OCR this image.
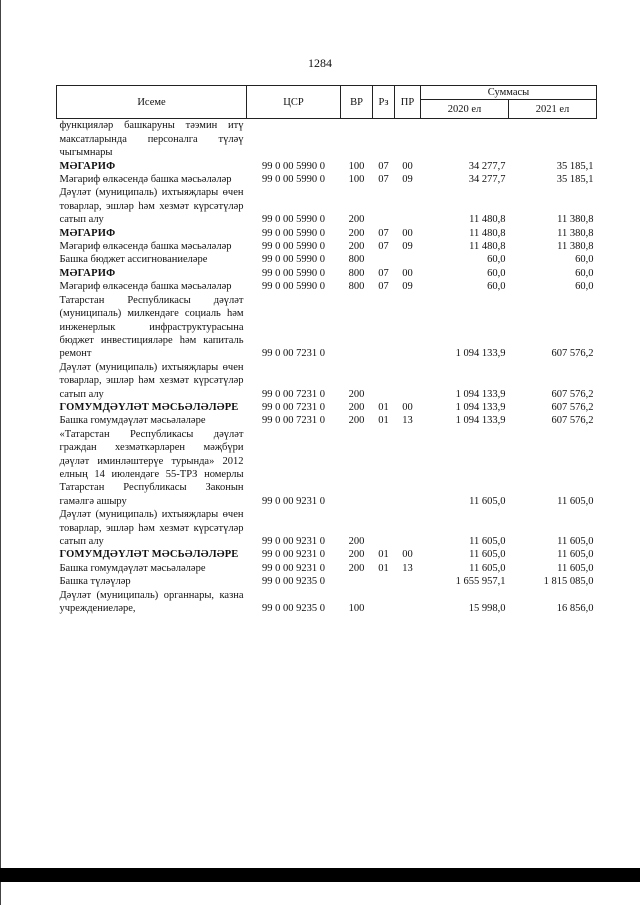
1284
Исеме	ЦСР	ВР	Рз	ПР	Суммасы	
					2020 ел	2021 ел
функцияләр башкаруны тәэмин итү максатларында персоналга түләү чыгымнары						
МӘГАРИФ	99 0 00 5990 0	100	07	00	34 277,7	35 185,1
Мәгариф өлкәсендә башка мәсьәләләр	99 0 00 5990 0	100	07	09	34 277,7	35 185,1
Дәүләт (муниципаль) ихтыяҗлары өчен товарлар, эшләр һәм хезмәт күрсәтүләр сатып алу	99 0 00 5990 0	200			11 480,8	11 380,8
МӘГАРИФ	99 0 00 5990 0	200	07	00	11 480,8	11 380,8
Мәгариф өлкәсендә башка мәсьәләләр	99 0 00 5990 0	200	07	09	11 480,8	11 380,8
Башка бюджет ассигнованиеләре	99 0 00 5990 0	800			60,0	60,0
МӘГАРИФ	99 0 00 5990 0	800	07	00	60,0	60,0
Мәгариф өлкәсендә башка мәсьәләләр	99 0 00 5990 0	800	07	09	60,0	60,0
Татарстан Республикасы дәүләт (муниципаль) милкендәге социаль һәм инженерлык инфраструктурасына бюджет инвестицияләре һәм капиталь ремонт	99 0 00 7231 0				1 094 133,9	607 576,2
Дәүләт (муниципаль) ихтыяҗлары өчен товарлар, эшләр һәм хезмәт күрсәтүләр сатып алу	99 0 00 7231 0	200			1 094 133,9	607 576,2
ГОМУМДӘҮЛӘТ МӘСЬӘЛӘЛӘРЕ	99 0 00 7231 0	200	01	00	1 094 133,9	607 576,2
Башка гомумдәүләт мәсьәләләре	99 0 00 7231 0	200	01	13	1 094 133,9	607 576,2
«Татарстан Республикасы дәүләт граждан хезмәткәрләрен мәҗбүри дәүләт иминләштерүе турында» 2012 елның 14 июлендәге 55-ТРЗ номерлы Татарстан Республикасы Законын гамәлгә ашыру	99 0 00 9231 0				11 605,0	11 605,0
Дәүләт (муниципаль) ихтыяҗлары өчен товарлар, эшләр һәм хезмәт күрсәтүләр сатып алу	99 0 00 9231 0	200			11 605,0	11 605,0
ГОМУМДӘҮЛӘТ МӘСЬӘЛӘЛӘРЕ	99 0 00 9231 0	200	01	00	11 605,0	11 605,0
Башка гомумдәүләт мәсьәләләре	99 0 00 9231 0	200	01	13	11 605,0	11 605,0
Башка түләүләр	99 0 00 9235 0				1 655 957,1	1 815 085,0
Дәүләт (муниципаль) органнары, казна учреждениеләре,	99 0 00 9235 0	100			15 998,0	16 856,0
